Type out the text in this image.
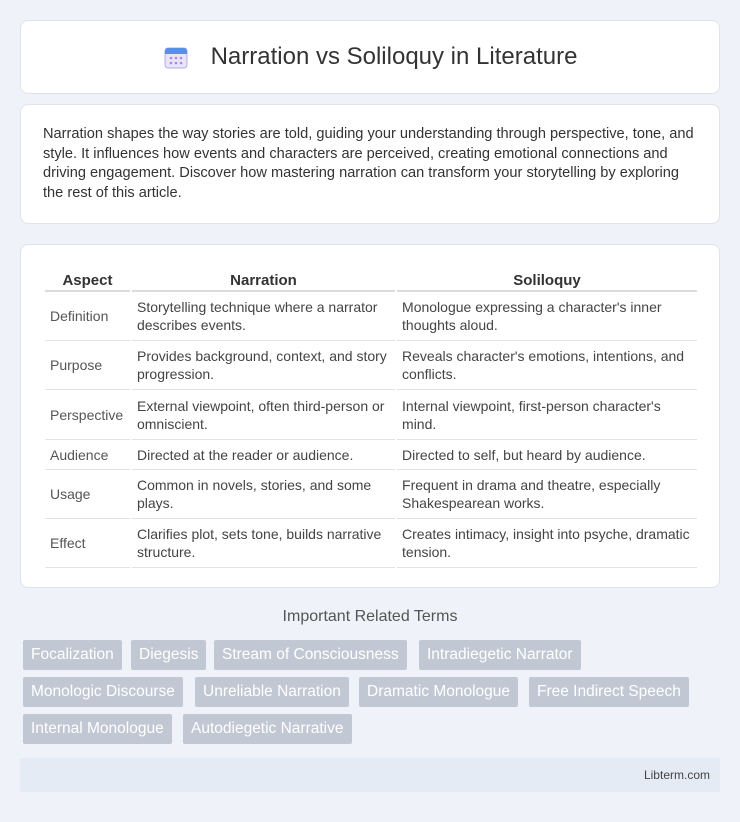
Narration vs Soliloquy in Literature

Narration shapes the way stories are told, guiding your understanding through perspective, tone, and style. It influences how events and characters are perceived, creating emotional connections and driving engagement. Discover how mastering narration can transform your storytelling by exploring the rest of this article.

Aspect	Narration	Soliloquy
Definition	Storytelling technique where a narrator describes events.	Monologue expressing a character's inner thoughts aloud.
Purpose	Provides background, context, and story progression.	Reveals character's emotions, intentions, and conflicts.
Perspective	External viewpoint, often third-person or omniscient.	Internal viewpoint, first-person character's mind.
Audience	Directed at the reader or audience.	Directed to self, but heard by audience.
Usage	Common in novels, stories, and some plays.	Frequent in drama and theatre, especially Shakespearean works.
Effect	Clarifies plot, sets tone, builds narrative structure.	Creates intimacy, insight into psyche, dramatic tension.
Important Related Terms
Focalization	Diegesis	Stream of Consciousness	Intradiegetic Narrator
Monologic Discourse	Unreliable Narration	Dramatic Monologue	Free Indirect Speech
Internal Monologue	Autodiegetic Narrative
Libterm.com
